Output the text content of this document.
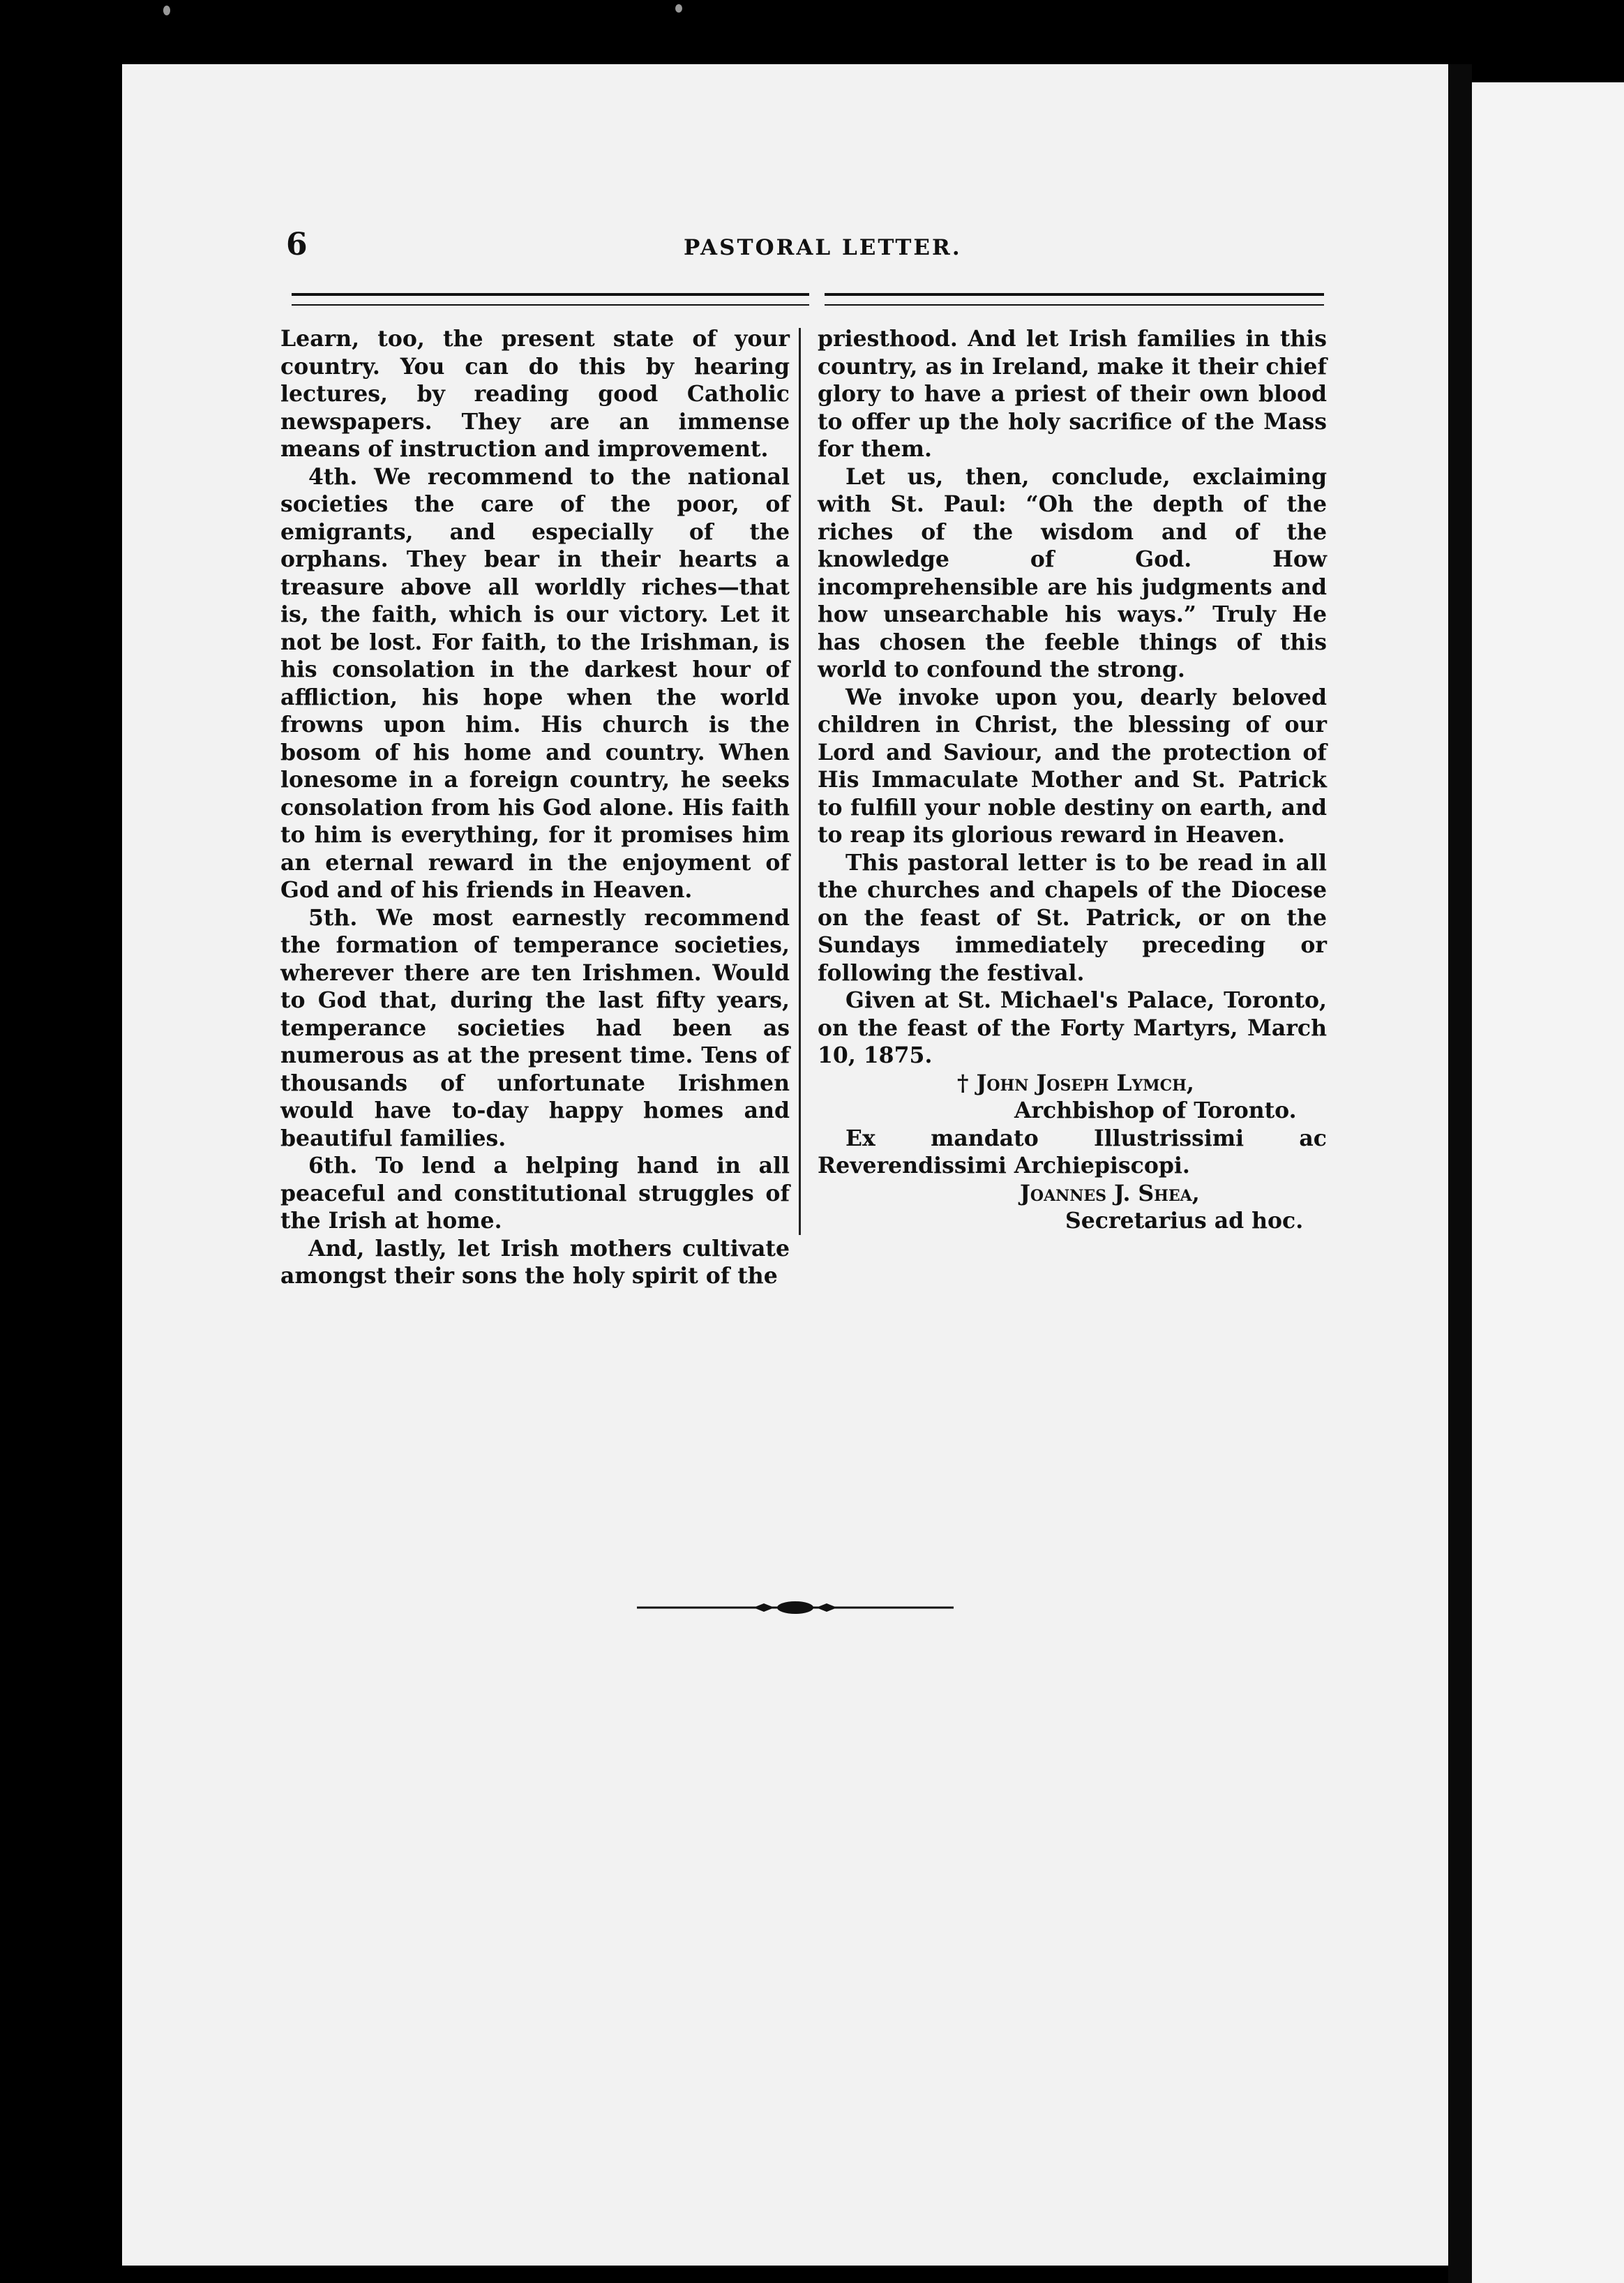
6	PASTORAL LETTER.

Learn, too, the present state of your country. You can do this by hearing lectures, by reading good Catholic newspapers. They are an immense means of instruction and improvement.

4th. We recommend to the national societies the care of the poor, of emigrants, and especially of the orphans. They bear in their hearts a treasure above all worldly riches—that is, the faith, which is our victory. Let it not be lost. For faith, to the Irishman, is his consolation in the darkest hour of affliction, his hope when the world frowns upon him. His church is the bosom of his home and country. When lonesome in a foreign country, he seeks consolation from his God alone. His faith to him is everything, for it promises him an eternal reward in the enjoyment of God and of his friends in Heaven.

5th. We most earnestly recommend the formation of temperance societies, wherever there are ten Irishmen. Would to God that, during the last fifty years, temperance societies had been as numerous as at the present time. Tens of thousands of unfortunate Irishmen would have to-day happy homes and beautiful families.

6th. To lend a helping hand in all peaceful and constitutional struggles of the Irish at home.

And, lastly, let Irish mothers cultivate amongst their sons the holy spirit of the

priesthood. And let Irish families in this country, as in Ireland, make it their chief glory to have a priest of their own blood to offer up the holy sacrifice of the Mass for them.

Let us, then, conclude, exclaiming with St. Paul: “Oh the depth of the riches of the wisdom and of the knowledge of God. How incomprehensible are his judgments and how unsearchable his ways.” Truly He has chosen the feeble things of this world to confound the strong.

We invoke upon you, dearly beloved children in Christ, the blessing of our Lord and Saviour, and the protection of His Immaculate Mother and St. Patrick to fulfill your noble destiny on earth, and to reap its glorious reward in Heaven.

This pastoral letter is to be read in all the churches and chapels of the Diocese on the feast of St. Patrick, or on the Sundays immediately preceding or following the festival.

Given at St. Michael's Palace, Toronto, on the feast of the Forty Martyrs, March 10, 1875.

† John Joseph Lymch,

Archbishop of Toronto.

Ex mandato Illustrissimi ac Reverendissimi Archiepiscopi.

Joannes J. Shea,

Secretarius ad hoc.
